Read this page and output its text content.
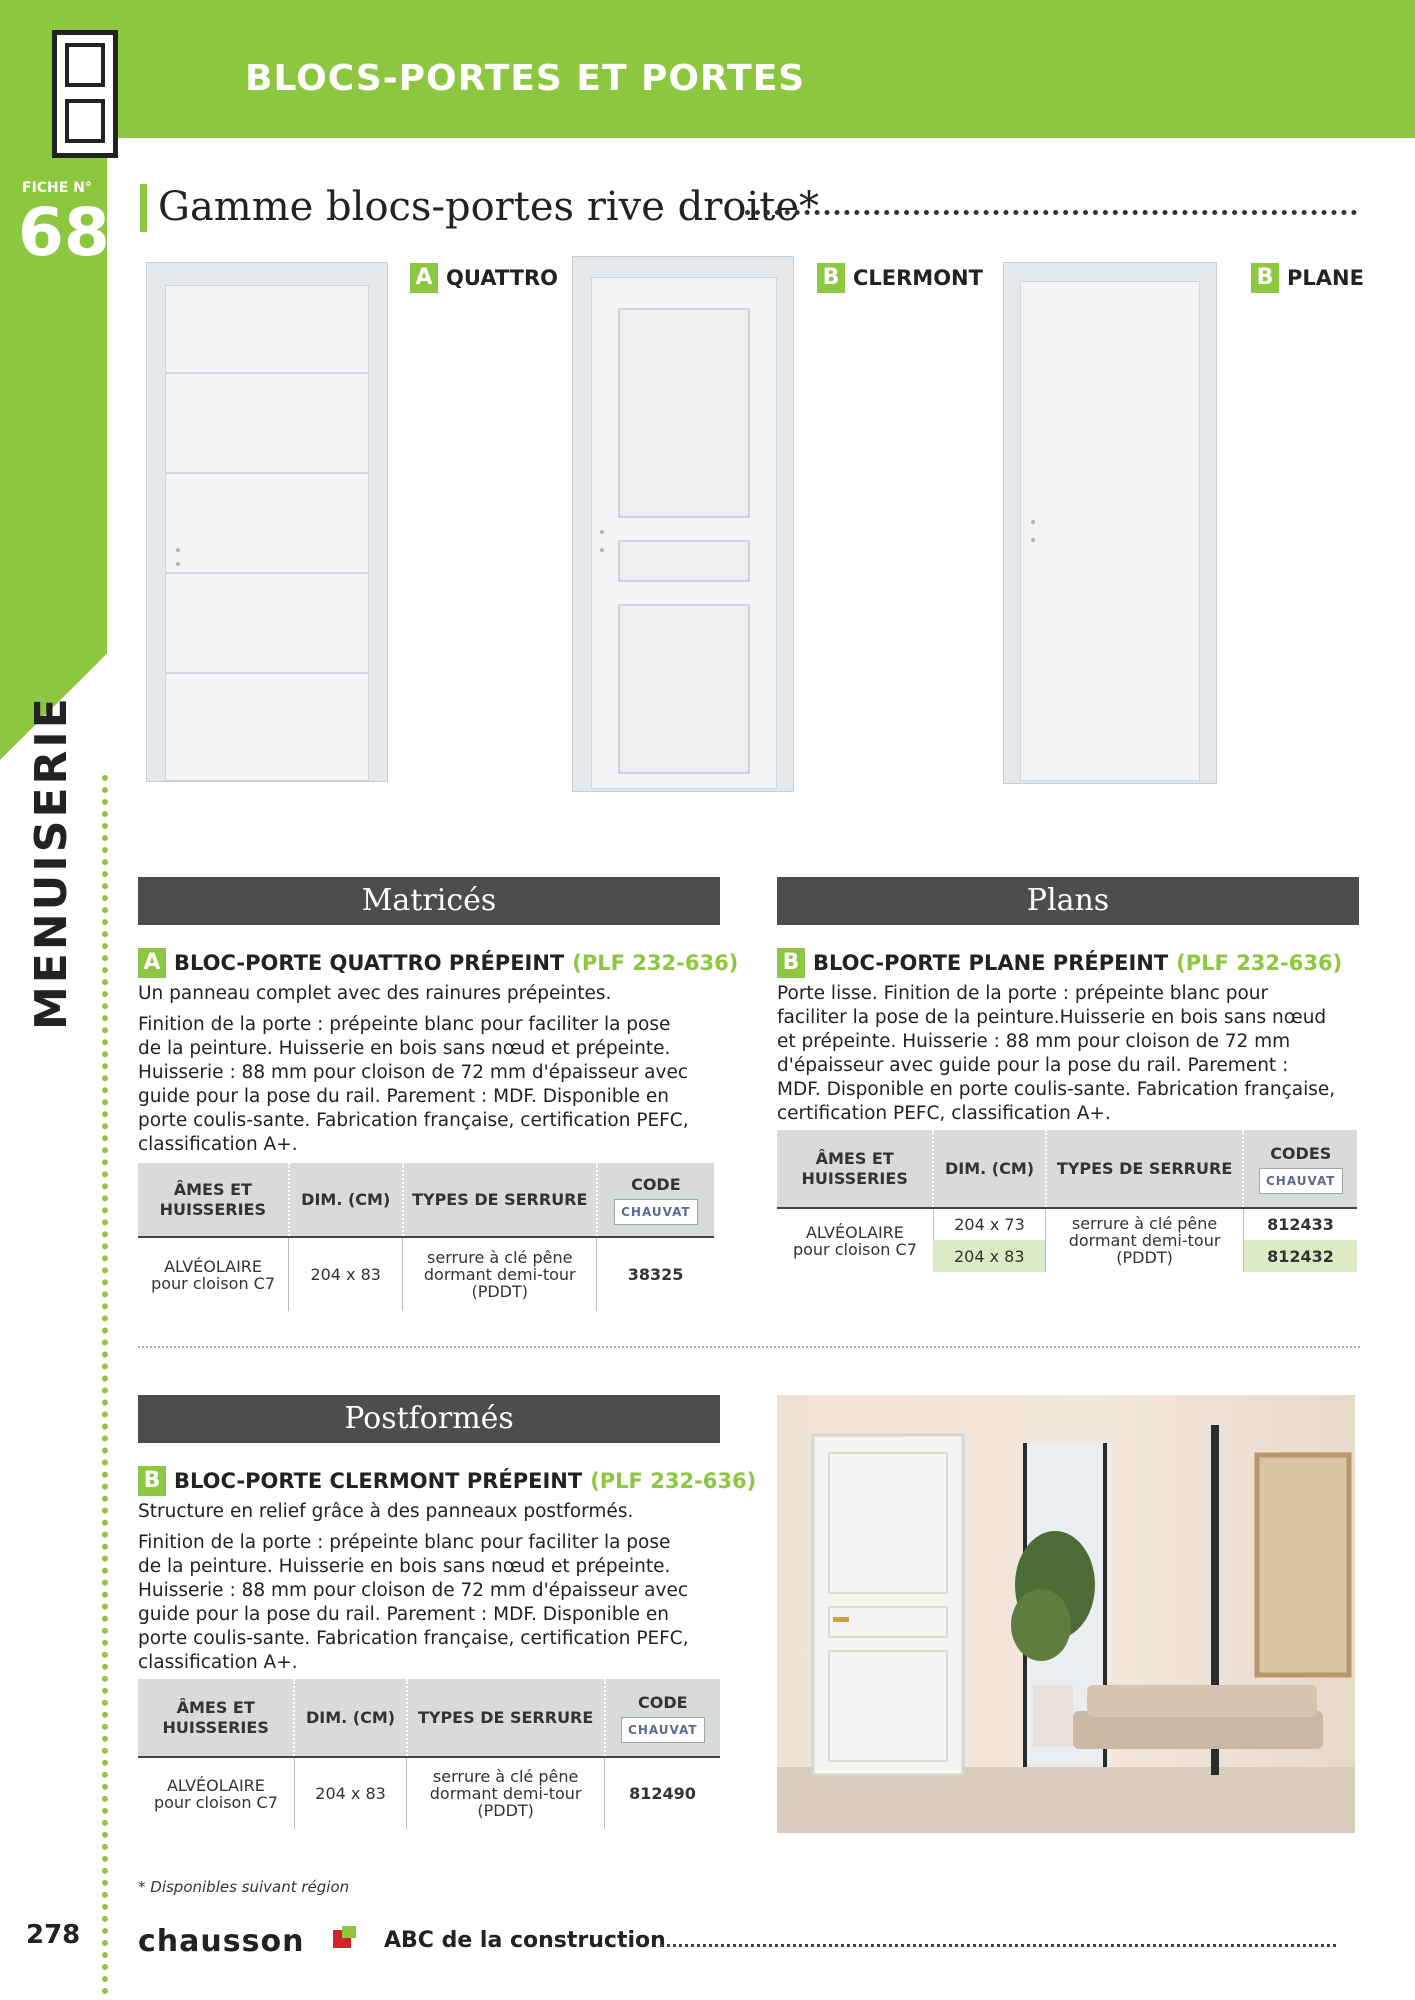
BLOCS-PORTES ET PORTES
FICHE N°
68
MENUISERIE
Gamme blocs-portes rive droite*
A QUATTRO	B CLERMONT	B PLANE
Matricés
A BLOC-PORTE QUATTRO PRÉPEINT (PLF 232-636)

Un panneau complet avec des rainures prépeintes.

Finition de la porte : prépeinte blanc pour faciliter la pose de la peinture. Huisserie en bois sans nœud et prépeinte. Huisserie : 88 mm pour cloison de 72 mm d'épaisseur avec guide pour la pose du rail. Parement : MDF. Disponible en porte coulis-sante. Fabrication française, certification PEFC, classification A+.

ÂMES ET HUISSERIES	DIM. (CM)	TYPES DE SERRURE	CODE
CHAUVAT
ALVÉOLAIRE
pour cloison C7	204 x 83	serrure à clé pêne dormant demi-tour (PDDT)	38325
Plans
B BLOC-PORTE PLANE PRÉPEINT (PLF 232-636)

Porte lisse. Finition de la porte : prépeinte blanc pour faciliter la pose de la peinture.Huisserie en bois sans nœud et prépeinte. Huisserie : 88 mm pour cloison de 72 mm d'épaisseur avec guide pour la pose du rail. Parement : MDF. Disponible en porte coulis-sante. Fabrication française, certification PEFC, classification A+.

ÂMES ET HUISSERIES	DIM. (CM)	TYPES DE SERRURE	CODES
CHAUVAT
ALVÉOLAIRE
pour cloison C7	204 x 73	serrure à clé pêne dormant demi-tour (PDDT)	812433
	204 x 83		812432
Postformés
B BLOC-PORTE CLERMONT PRÉPEINT (PLF 232-636)

Structure en relief grâce à des panneaux postformés.

Finition de la porte : prépeinte blanc pour faciliter la pose de la peinture. Huisserie en bois sans nœud et prépeinte. Huisserie : 88 mm pour cloison de 72 mm d'épaisseur avec guide pour la pose du rail. Parement : MDF. Disponible en porte coulis-sante. Fabrication française, certification PEFC, classification A+.

ÂMES ET HUISSERIES	DIM. (CM)	TYPES DE SERRURE	CODE
CHAUVAT
ALVÉOLAIRE
pour cloison C7	204 x 83	serrure à clé pêne dormant demi-tour (PDDT)	812490
* Disponibles suivant région
278 chausson	ABC de la construction
